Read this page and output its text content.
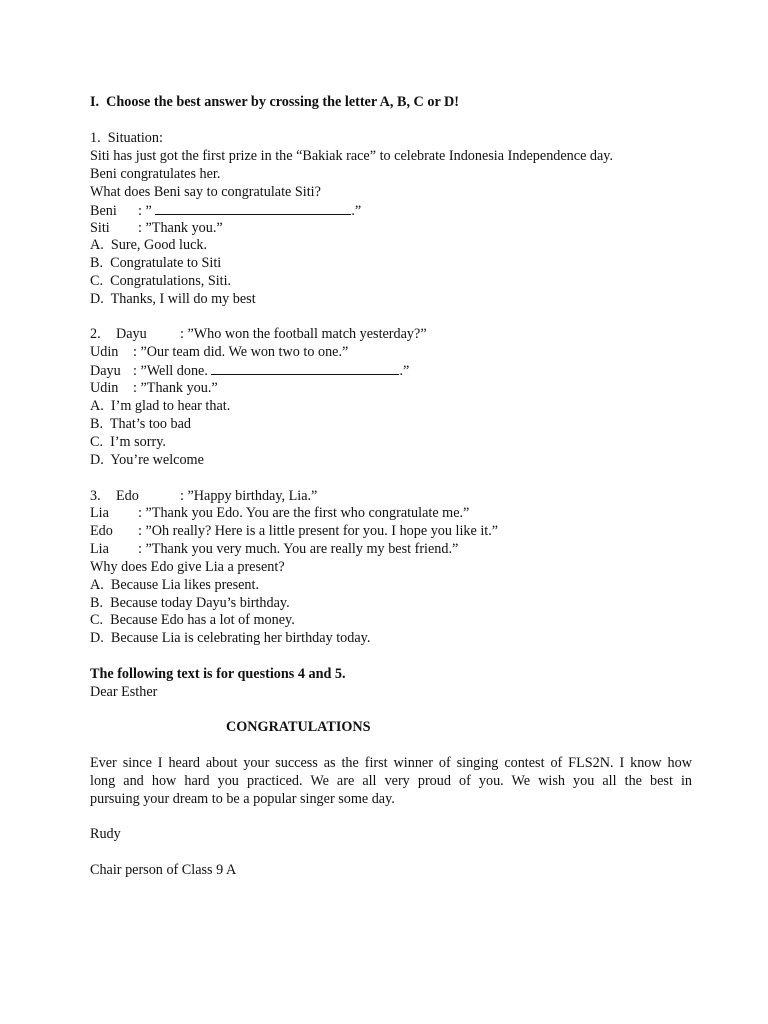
I. Choose the best answer by crossing the letter A, B, C or D!
1.  Situation:
Siti has just got the first prize in the “Bakiak race” to celebrate Indonesia Independence day.
Beni congratulates her.
What does Beni say to congratulate Siti?
Beni : ”	.”
Siti : ”Thank you.”
A.  Sure, Good luck.
B.  Congratulate to Siti
C.  Congratulations, Siti.
D.  Thanks, I will do my best
2. Dayu : ”Who won the football match yesterday?”
Udin : ”Our team did. We won two to one.”
Dayu : ”Well done.	.”
Udin : ”Thank you.”
A.  I’m glad to hear that.
B.  That’s too bad
C.  I’m sorry.
D.  You’re welcome
3. Edo	: ”Happy birthday, Lia.”
Lia : ”Thank you Edo. You are the first who congratulate me.”
Edo : ”Oh really? Here is a little present for you. I hope you like it.”
Lia : ”Thank you very much. You are really my best friend.”
Why does Edo give Lia a present?
A.  Because Lia likes present.
B.  Because today Dayu’s birthday.
C.  Because Edo has a lot of money.
D.  Because Lia is celebrating her birthday today.
The following text is for questions 4 and 5.
Dear Esther
CONGRATULATIONS
Ever since I heard about your success as the first winner of singing contest of FLS2N. I know how
long and how hard you practiced. We are all very proud of you. We wish you all the best in
pursuing your dream to be a popular singer some day.
Rudy
Chair person of Class 9 A
